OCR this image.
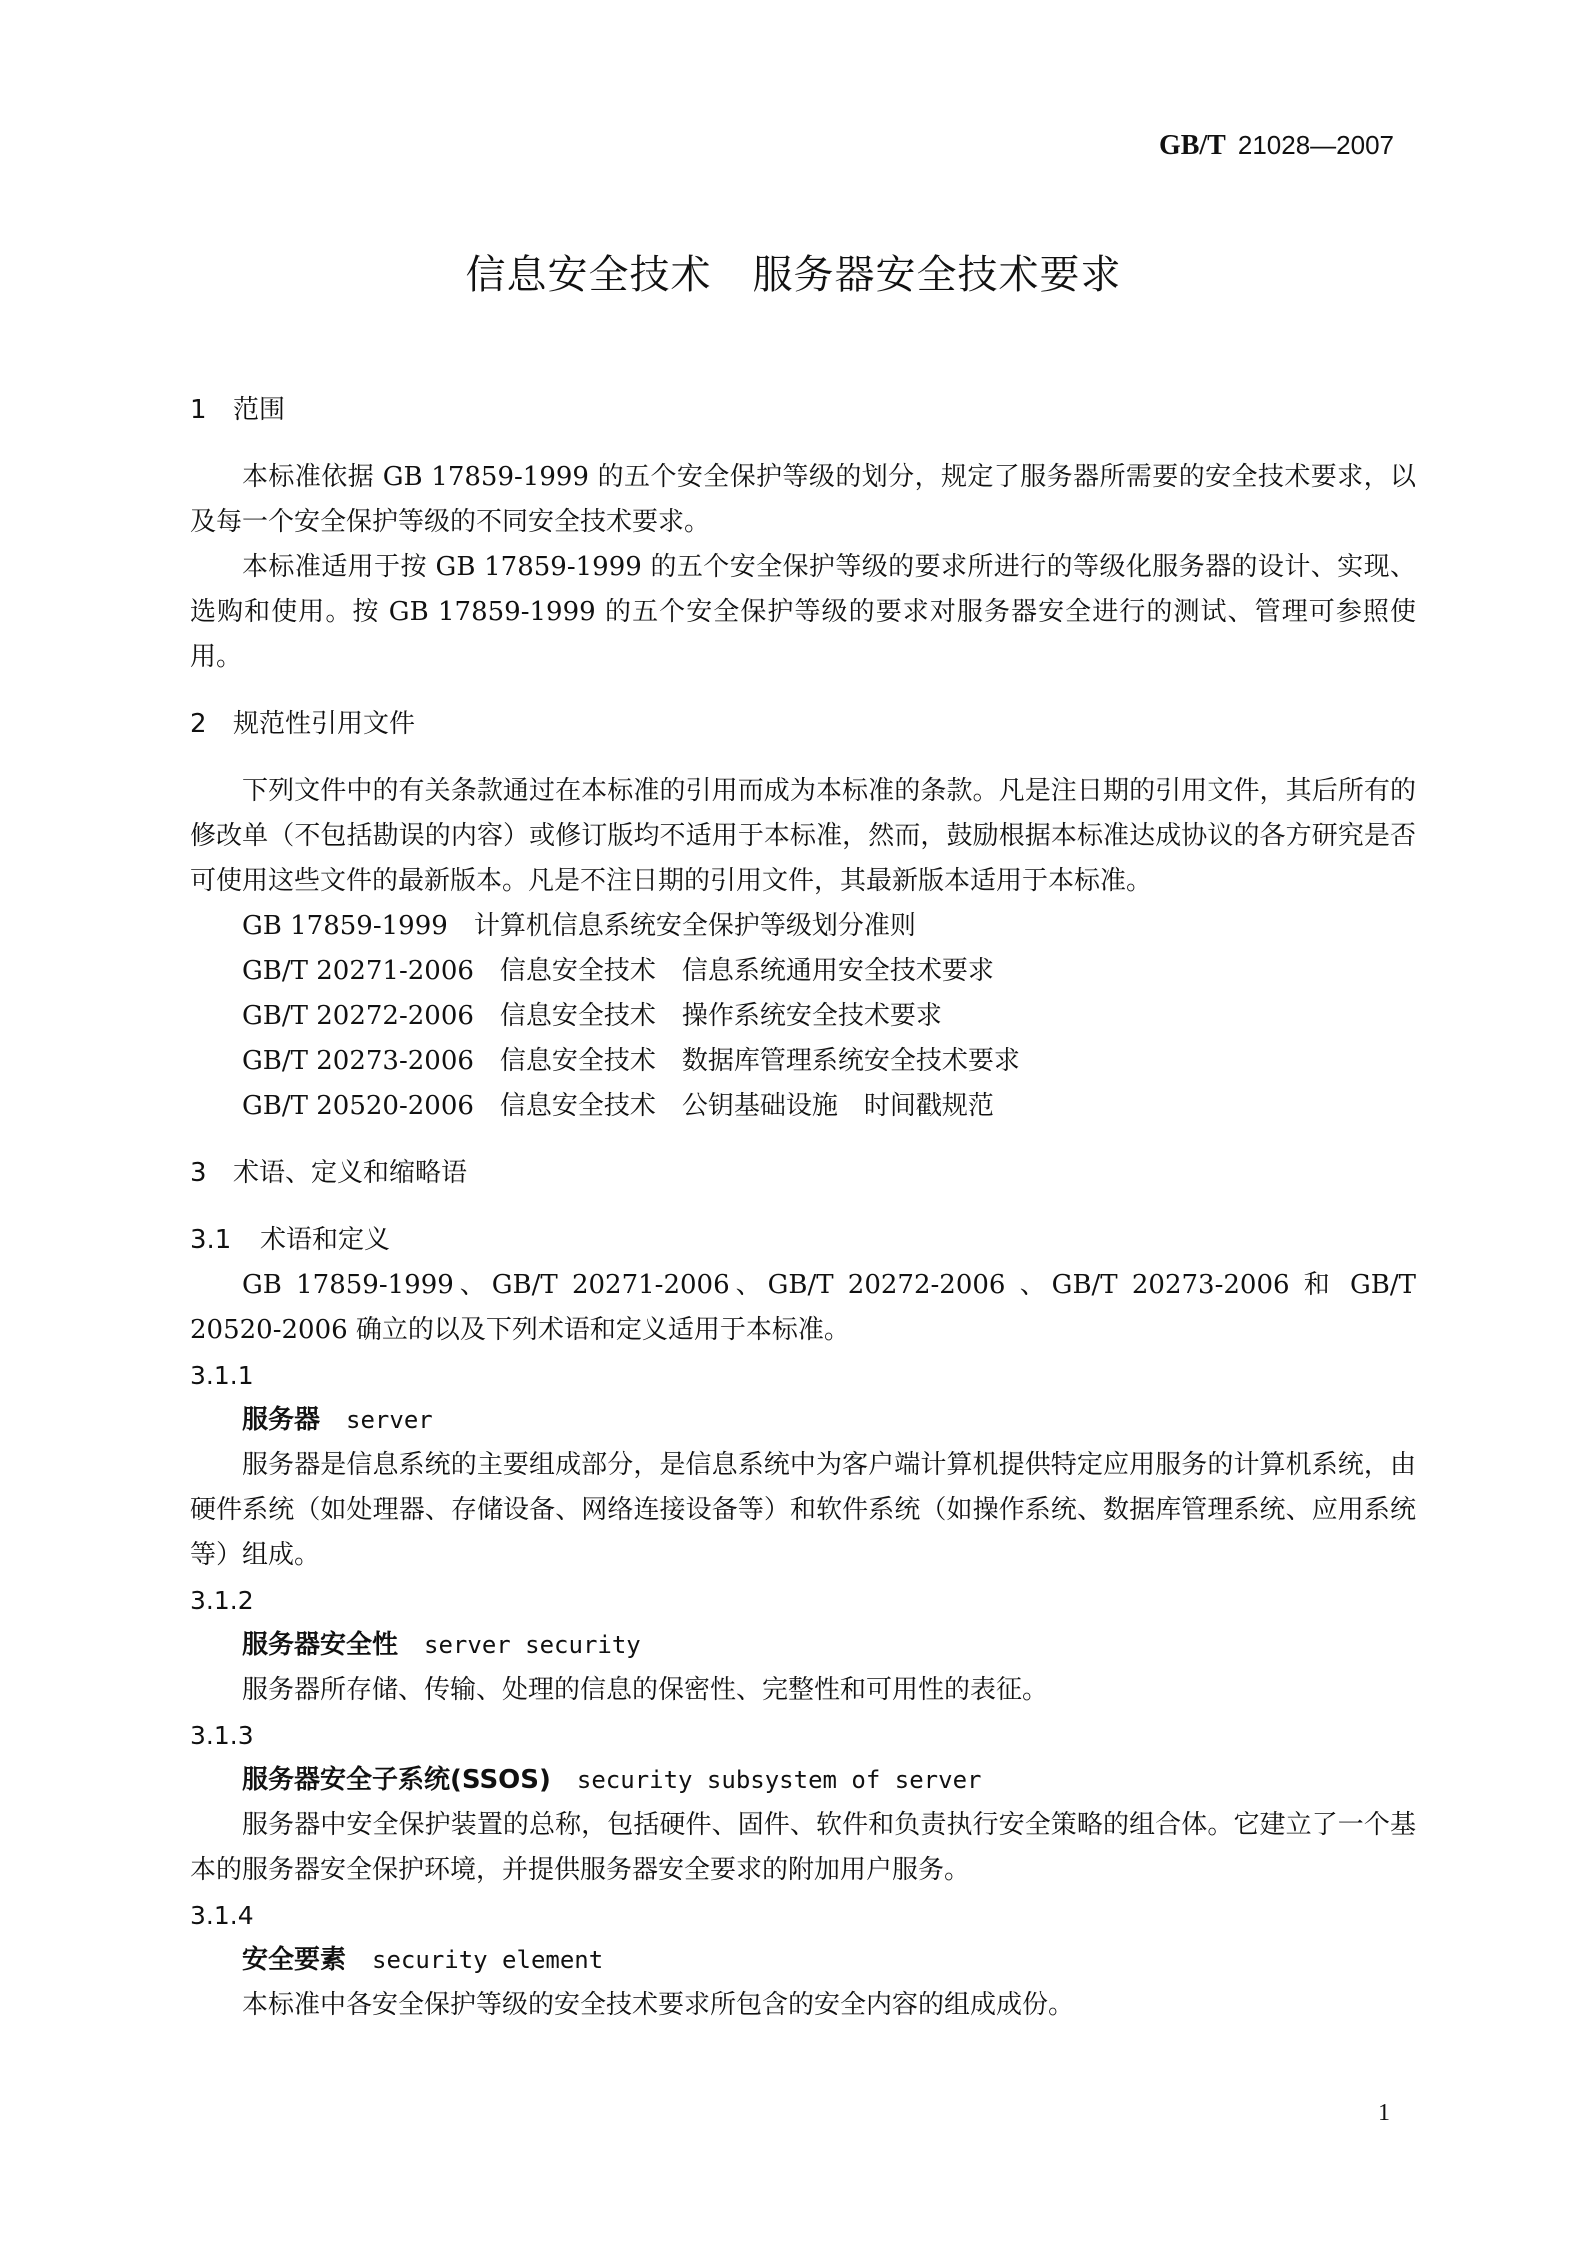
GB/T 21028—2007
信息安全技术　服务器安全技术要求
1 范围

本标准依据 GB 17859-1999 的五个安全保护等级的划分，规定了服务器所需要的安全技术要求，以及每一个安全保护等级的不同安全技术要求。

本标准适用于按 GB 17859-1999 的五个安全保护等级的要求所进行的等级化服务器的设计、实现、选购和使用。按 GB 17859-1999 的五个安全保护等级的要求对服务器安全进行的测试、管理可参照使用。

2 规范性引用文件

下列文件中的有关条款通过在本标准的引用而成为本标准的条款。凡是注日期的引用文件，其后所有的修改单（不包括勘误的内容）或修订版均不适用于本标准，然而，鼓励根据本标准达成协议的各方研究是否可使用这些文件的最新版本。凡是不注日期的引用文件，其最新版本适用于本标准。

GB 17859-1999　 计算机信息系统安全保护等级划分准则
GB/T 20271-2006　 信息安全技术　信息系统通用安全技术要求
GB/T 20272-2006　 信息安全技术　操作系统安全技术要求
GB/T 20273-2006　 信息安全技术　数据库管理系统安全技术要求
GB/T 20520-2006　 信息安全技术　公钥基础设施　时间戳规范
3 术语、定义和缩略语
3.1 术语和定义

GB 17859-1999、GB/T 20271-2006、GB/T 20272-2006 、GB/T 20273-2006 和 GB/T 20520-2006 确立的以及下列术语和定义适用于本标准。

3.1.1
服务器 server

服务器是信息系统的主要组成部分，是信息系统中为客户端计算机提供特定应用服务的计算机系统，由硬件系统（如处理器、存储设备、网络连接设备等）和软件系统（如操作系统、数据库管理系统、应用系统等）组成。

3.1.2
服务器安全性 server security

服务器所存储、传输、处理的信息的保密性、完整性和可用性的表征。

3.1.3
服务器安全子系统(SSOS) security subsystem of server

服务器中安全保护装置的总称，包括硬件、固件、软件和负责执行安全策略的组合体。它建立了一个基本的服务器安全保护环境，并提供服务器安全要求的附加用户服务。

3.1.4
安全要素 security element

本标准中各安全保护等级的安全技术要求所包含的安全内容的组成成份。

1
